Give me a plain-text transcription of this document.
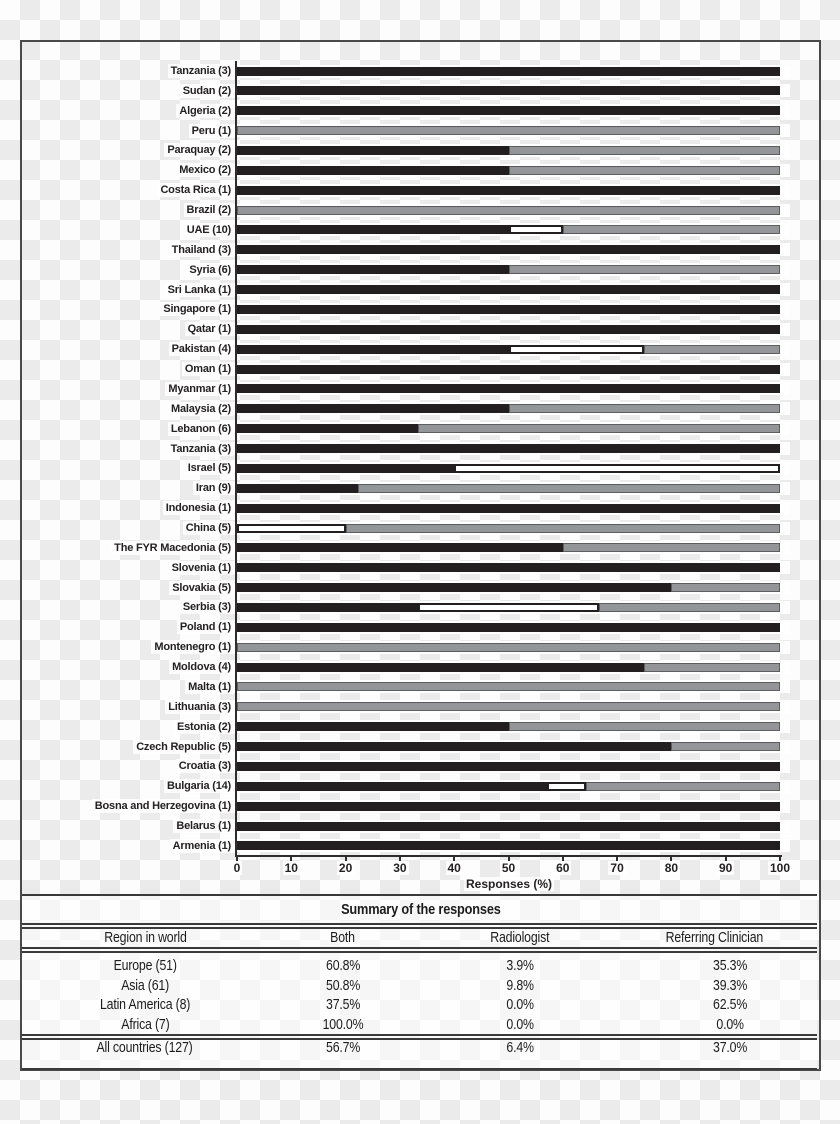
Tanzania (3)
Sudan (2)
Algeria (2)
Peru (1)
Paraquay (2)
Mexico (2)
Costa Rica (1)
Brazil (2)
UAE (10)
Thailand (3)
Syria (6)
Sri Lanka (1)
Singapore (1)
Qatar (1)
Pakistan (4)
Oman (1)
Myanmar (1)
Malaysia (2)
Lebanon (6)
Tanzania (3)
Israel (5)
Iran (9)
Indonesia (1)
China (5)
The FYR Macedonia (5)
Slovenia (1)
Slovakia (5)
Serbia (3)
Poland (1)
Montenegro (1)
Moldova (4)
Malta (1)
Lithuania (3)
Estonia (2)
Czech Republic (5)
Croatia (3)
Bulgaria (14)
Bosna and Herzegovina (1)
Belarus (1)
Armenia (1)
0	10	20	30	40	50	60	70	80	90	100
Responses (%)
Summary of the responses
Region in world	Both	Radiologist	Referring Clinician
Europe (51)	60.8%	3.9%	35.3%
Asia (61)	50.8%	9.8%	39.3%
Latin America (8)	37.5%	0.0%	62.5%
Africa (7)	100.0%	0.0%	0.0%
All countries (127)	56.7%	6.4%	37.0%
